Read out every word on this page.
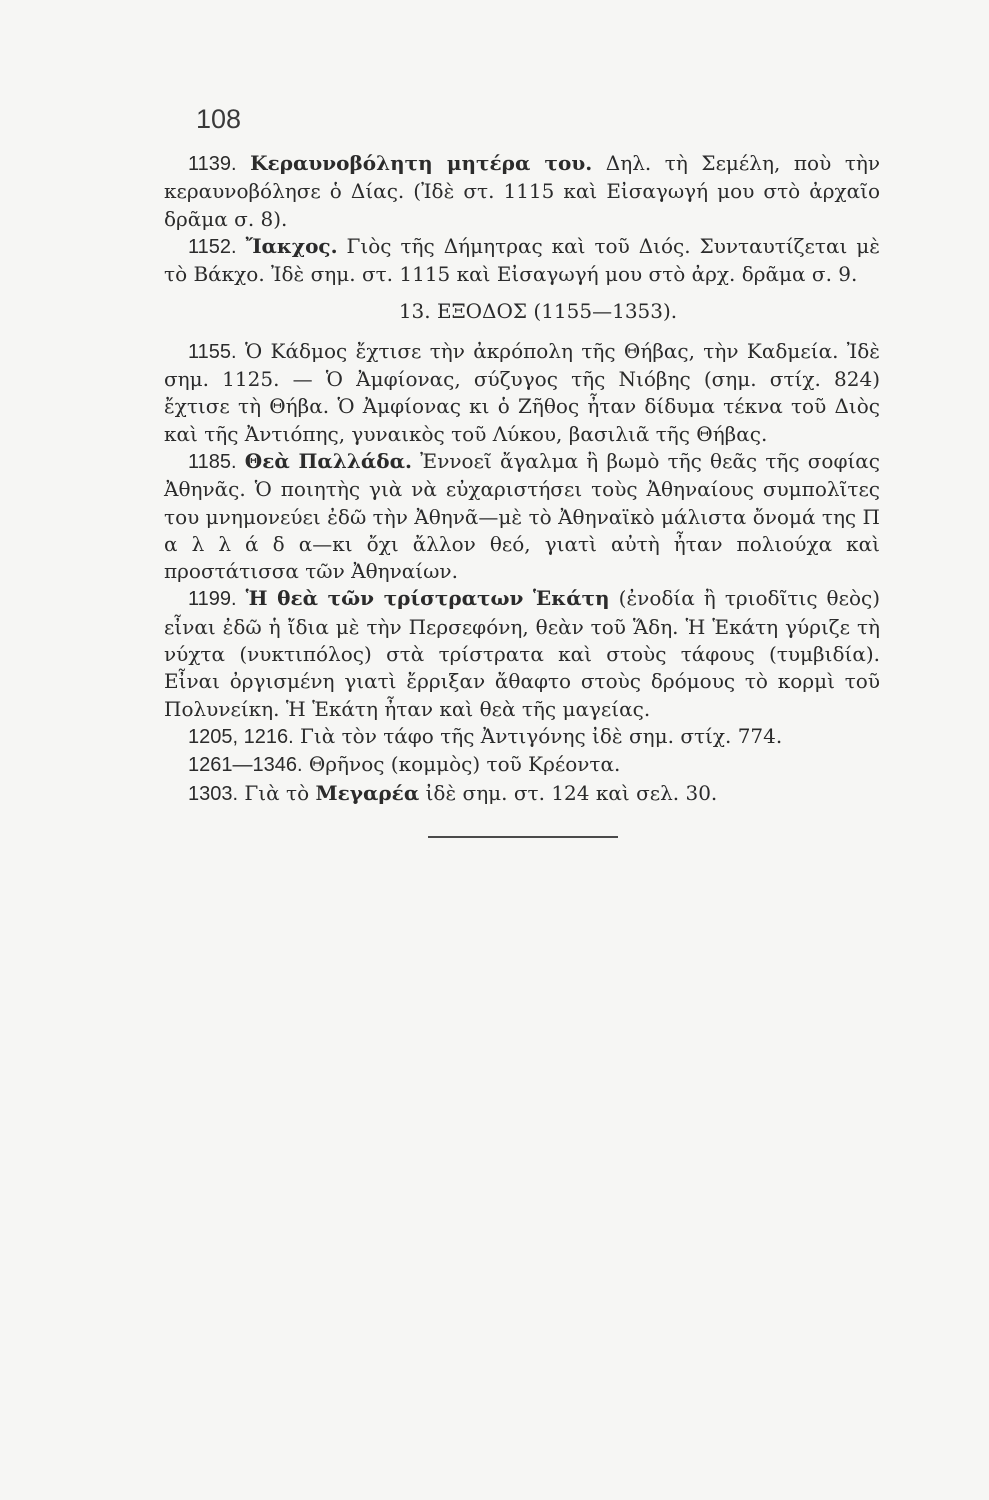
108

1139. Κεραυνοβόλητη μητέρα του. Δηλ. τὴ Σεμέλη, ποὺ τὴν κεραυνοβόλησε ὁ Δίας. (Ἰδὲ στ. 1115 καὶ Εἰσαγωγή μου στὸ ἀρχαῖο δρᾶμα σ. 8).

1152. Ἴακχος. Γιὸς τῆς Δήμητρας καὶ τοῦ Διός. Συνταυτίζεται μὲ τὸ Βάκχο. Ἰδὲ σημ. στ. 1115 καὶ Εἰσαγωγή μου στὸ ἀρχ. δρᾶμα σ. 9.

13. ΕΞΟΔΟΣ (1155—1353).

1155. Ὁ Κάδμος ἔχτισε τὴν ἀκρόπολη τῆς Θήβας, τὴν Καδμεία. Ἰδὲ σημ. 1125. — Ὁ Ἀμφίονας, σύζυγος τῆς Νιόβης (σημ. στίχ. 824) ἔχτισε τὴ Θήβα. Ὁ Ἀμφίονας κι ὁ Ζῆθος ἦταν δίδυμα τέκνα τοῦ Διὸς καὶ τῆς Ἀντιόπης, γυναικὸς τοῦ Λύκου, βασιλιᾶ τῆς Θήβας.

1185. Θεὰ Παλλάδα. Ἐννοεῖ ἄγαλμα ἢ βωμὸ τῆς θεᾶς τῆς σοφίας Ἀθηνᾶς. Ὁ ποιητὴς γιὰ νὰ εὐχαριστήσει τοὺς Ἀθηναίους συμπολῖτες του μνημονεύει ἐδῶ τὴν Ἀθηνᾶ—μὲ τὸ Ἀθηναϊκὸ μάλιστα ὄνομά της Π α λ λ ά δ α—κι ὄχι ἄλλον θεό, γιατὶ αὐτὴ ἦταν πολιούχα καὶ προστάτισσα τῶν Ἀθηναίων.

1199. Ἡ θεὰ τῶν τρίστρατων Ἑκάτη (ἐνοδία ἢ τριοδῖτις θεὸς) εἶναι ἐδῶ ἡ ἴδια μὲ τὴν Περσεφόνη, θεὰν τοῦ Ἅδη. Ἡ Ἑκάτη γύριζε τὴ νύχτα (νυκτιπόλος) στὰ τρίστρατα καὶ στοὺς τάφους (τυμβιδία). Εἶναι ὀργισμένη γιατὶ ἔρριξαν ἄθαφτο στοὺς δρόμους τὸ κορμὶ τοῦ Πολυνείκη. Ἡ Ἑκάτη ἦταν καὶ θεὰ τῆς μαγείας.

1205, 1216. Γιὰ τὸν τάφο τῆς Ἀντιγόνης ἰδὲ σημ. στίχ. 774.

1261—1346. Θρῆνος (κομμὸς) τοῦ Κρέοντα.

1303. Γιὰ τὸ Μεγαρέα ἰδὲ σημ. στ. 124 καὶ σελ. 30.
